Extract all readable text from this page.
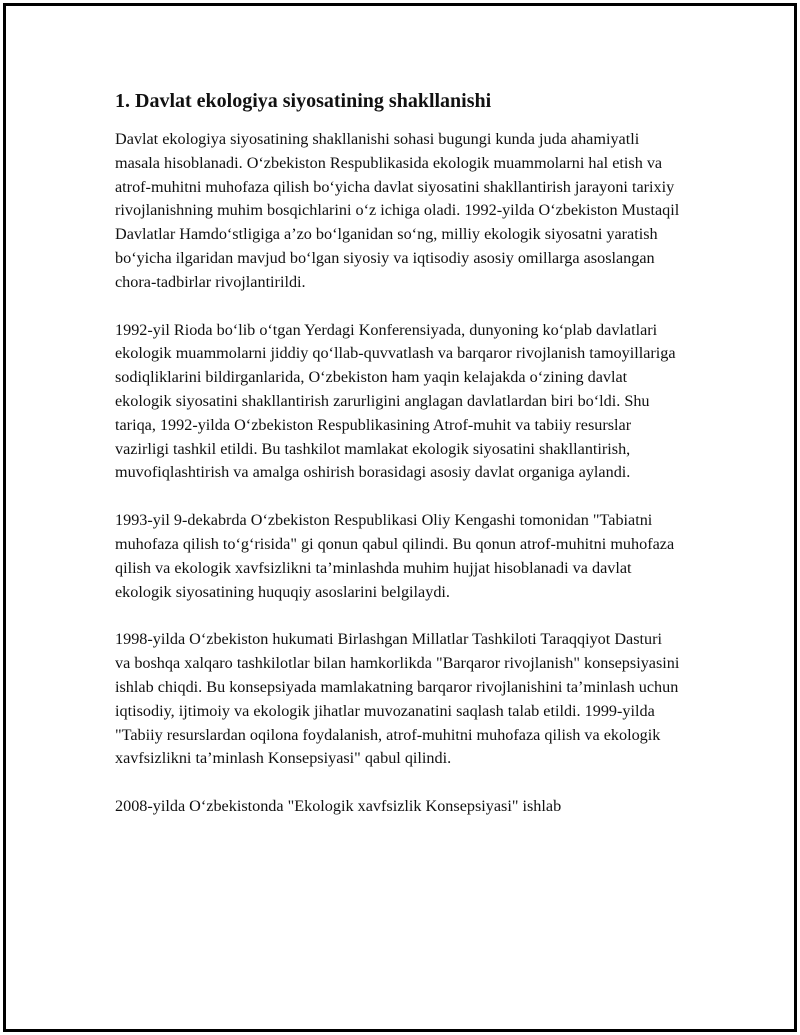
1. Davlat ekologiya siyosatining shakllanishi

Davlat ekologiya siyosatining shakllanishi sohasi bugungi kunda juda ahamiyatli masala hisoblanadi. O‘zbekiston Respublikasida ekologik muammolarni hal etish va atrof-muhitni muhofaza qilish bo‘yicha davlat siyosatini shakllantirish jarayoni tarixiy rivojlanishning muhim bosqichlarini o‘z ichiga oladi. 1992-yilda O‘zbekiston Mustaqil Davlatlar Hamdo‘stligiga a’zo bo‘lganidan so‘ng, milliy ekologik siyosatni yaratish bo‘yicha ilgaridan mavjud bo‘lgan siyosiy va iqtisodiy asosiy omillarga asoslangan chora-tadbirlar rivojlantirildi.

1992-yil Rioda bo‘lib o‘tgan Yerdagi Konferensiyada, dunyoning ko‘plab davlatlari ekologik muammolarni jiddiy qo‘llab-quvvatlash va barqaror rivojlanish tamoyillariga sodiqliklarini bildirganlarida, O‘zbekiston ham yaqin kelajakda o‘zining davlat ekologik siyosatini shakllantirish zarurligini anglagan davlatlardan biri bo‘ldi. Shu tariqa, 1992-yilda O‘zbekiston Respublikasining Atrof-muhit va tabiiy resurslar vazirligi tashkil etildi. Bu tashkilot mamlakat ekologik siyosatini shakllantirish, muvofiqlashtirish va amalga oshirish borasidagi asosiy davlat organiga aylandi.

1993-yil 9-dekabrda O‘zbekiston Respublikasi Oliy Kengashi tomonidan "Tabiatni muhofaza qilish to‘g‘risida" gi qonun qabul qilindi. Bu qonun atrof-muhitni muhofaza qilish va ekologik xavfsizlikni ta’minlashda muhim hujjat hisoblanadi va davlat ekologik siyosatining huquqiy asoslarini belgilaydi.

1998-yilda O‘zbekiston hukumati Birlashgan Millatlar Tashkiloti Taraqqiyot Dasturi va boshqa xalqaro tashkilotlar bilan hamkorlikda "Barqaror rivojlanish" konsepsiyasini ishlab chiqdi. Bu konsepsiyada mamlakatning barqaror rivojlanishini ta’minlash uchun iqtisodiy, ijtimoiy va ekologik jihatlar muvozanatini saqlash talab etildi. 1999-yilda "Tabiiy resurslardan oqilona foydalanish, atrof-muhitni muhofaza qilish va ekologik xavfsizlikni ta’minlash Konsepsiyasi" qabul qilindi.

2008-yilda O‘zbekistonda "Ekologik xavfsizlik Konsepsiyasi" ishlab
